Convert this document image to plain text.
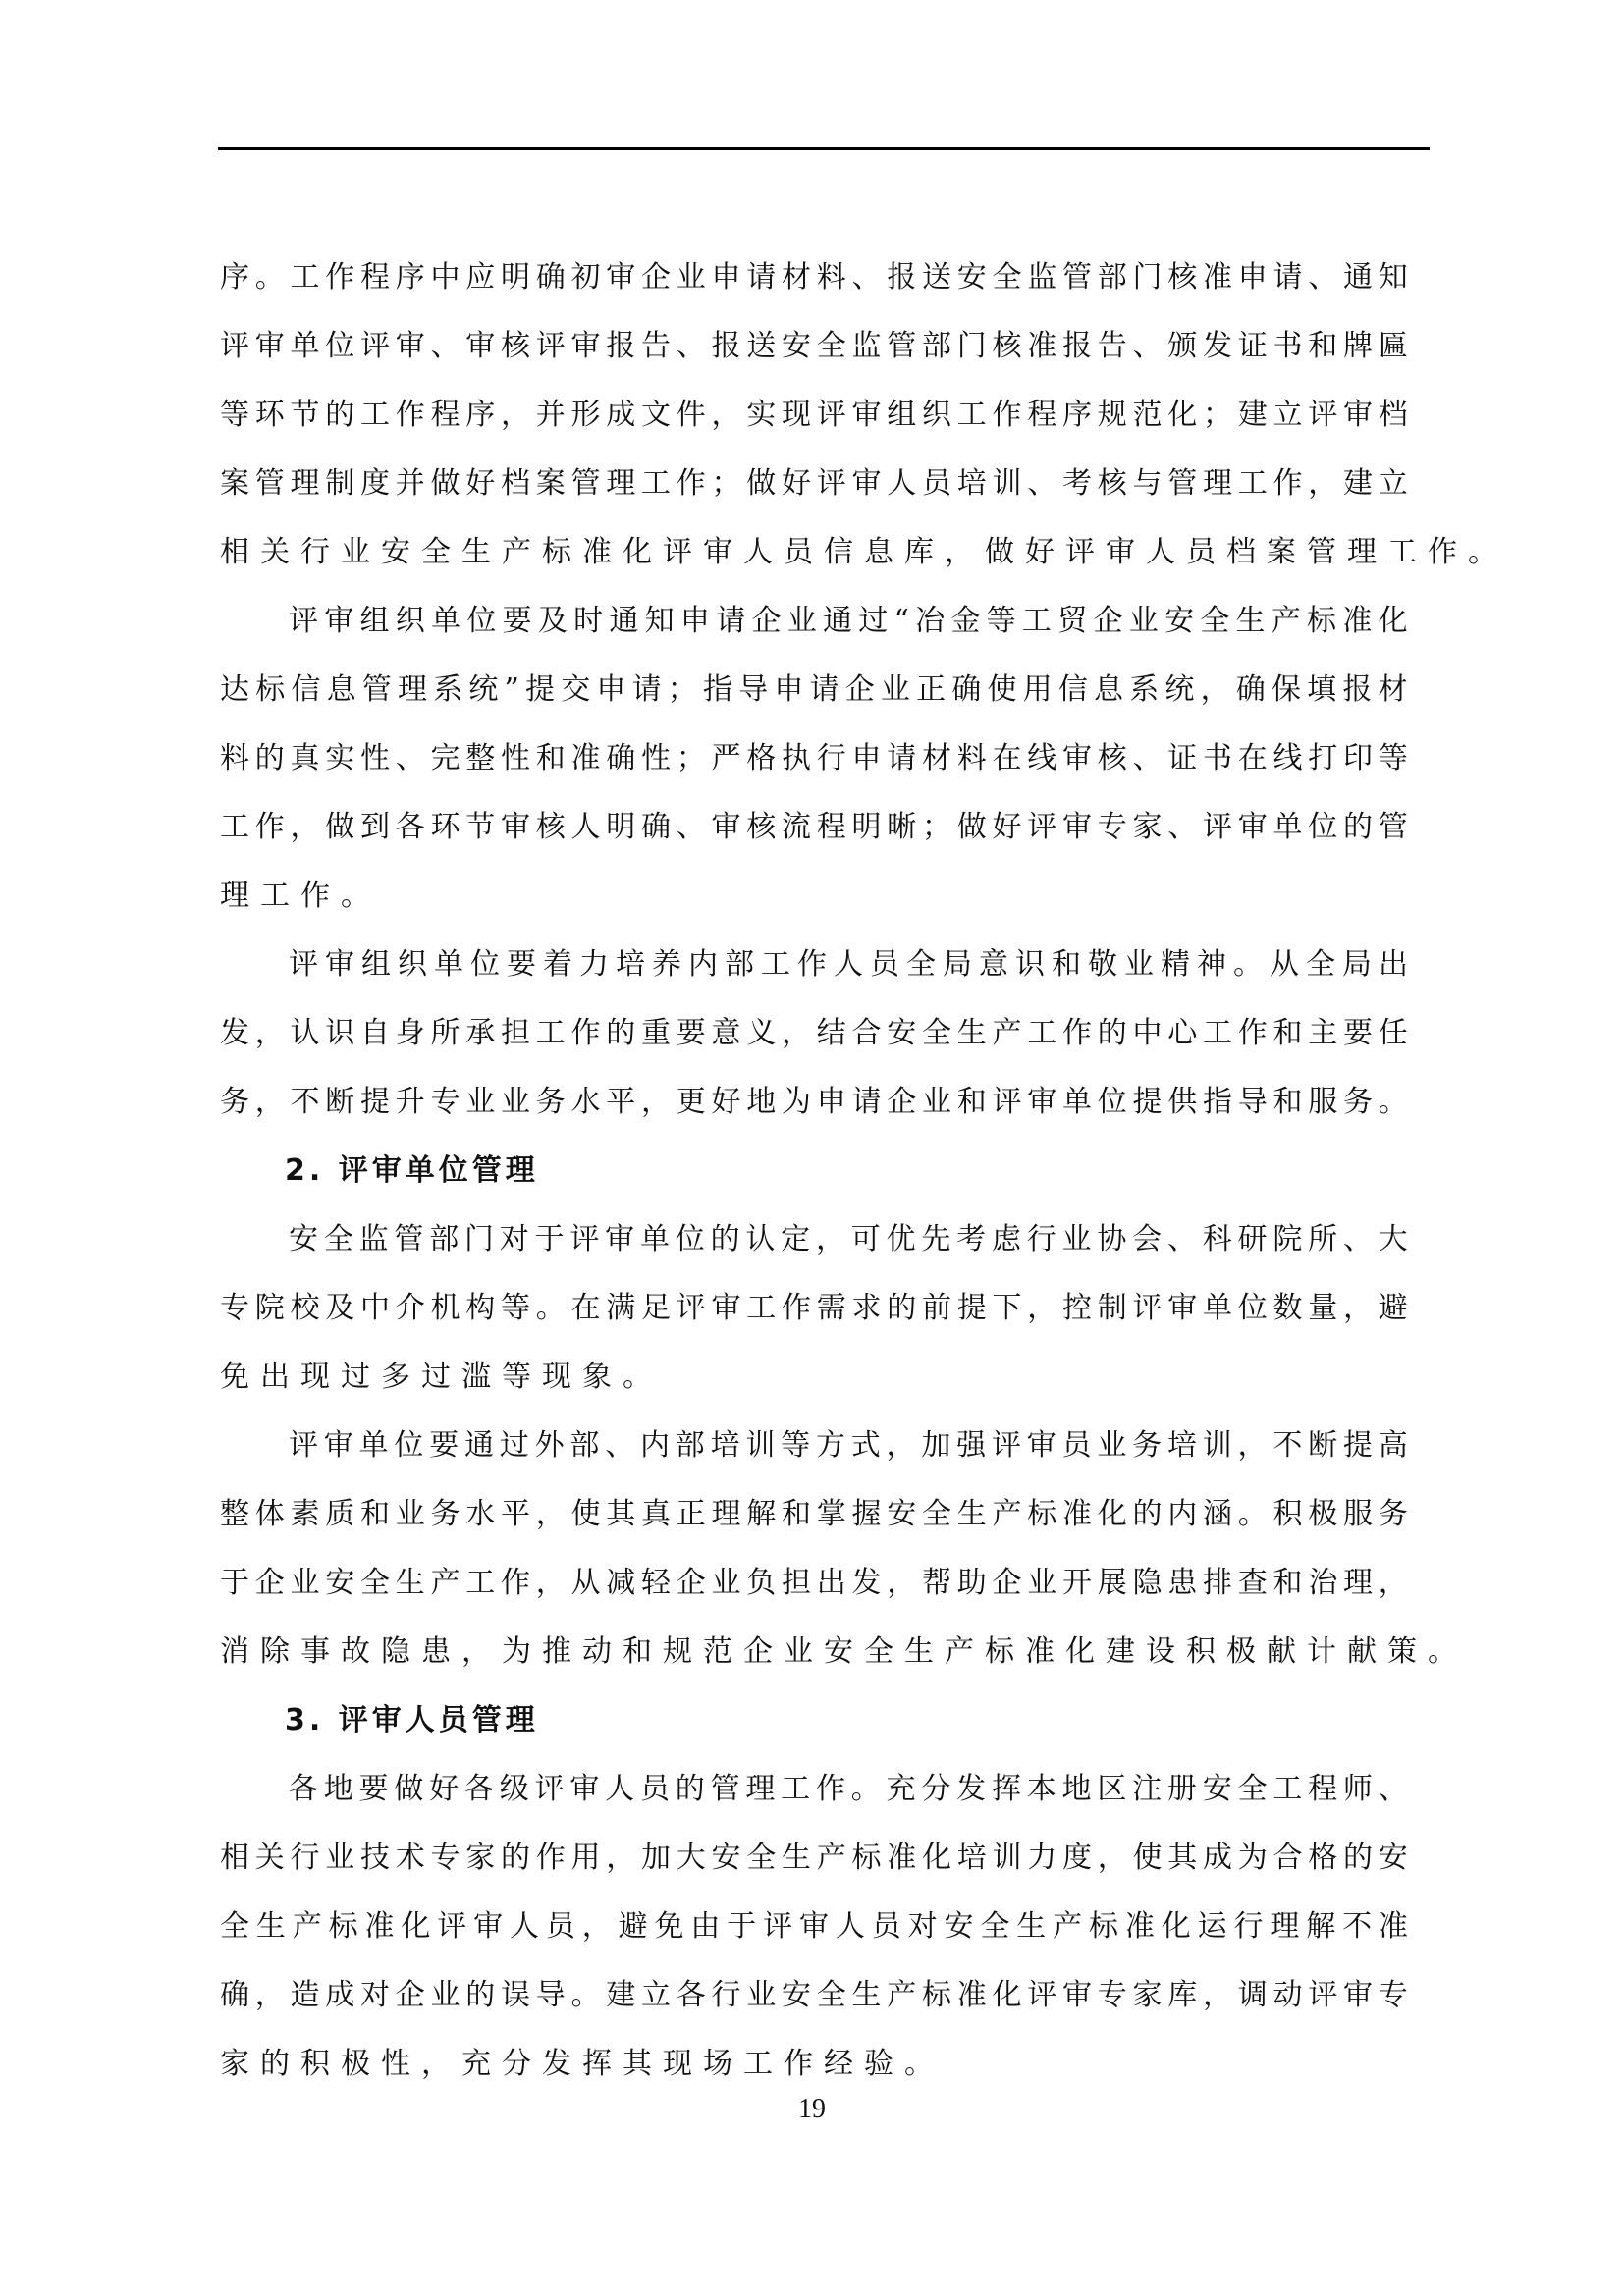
序 。 工 作 程 序 中 应 明 确 初 审 企 业 申 请 材 料 、 报 送 安 全 监 管 部 门 核 准 申 请 、 通 知
评 审 单 位 评 审 、 审 核 评 审 报 告 、 报 送 安 全 监 管 部 门 核 准 报 告 、 颁 发 证 书 和 牌 匾
等 环 节 的 工 作 程 序 ， 并 形 成 文 件 ， 实 现 评 审 组 织 工 作 程 序 规 范 化 ； 建 立 评 审 档
案 管 理 制 度 并 做 好 档 案 管 理 工 作 ； 做 好 评 审 人 员 培 训 、 考 核 与 管 理 工 作 ， 建 立
相关行业安全生产标准化评审人员信息库，做好评审人员档案管理工作。
评 审 组 织 单 位 要 及 时 通 知 申 请 企 业 通 过 “ 冶 金 等 工 贸 企 业 安 全 生 产 标 准 化
达 标 信 息 管 理 系 统 ” 提 交 申 请 ； 指 导 申 请 企 业 正 确 使 用 信 息 系 统 ， 确 保 填 报 材
料 的 真 实 性 、 完 整 性 和 准 确 性 ； 严 格 执 行 申 请 材 料 在 线 审 核 、 证 书 在 线 打 印 等
工 作 ， 做 到 各 环 节 审 核 人 明 确 、 审 核 流 程 明 晰 ； 做 好 评 审 专 家 、 评 审 单 位 的 管
理工作。
评 审 组 织 单 位 要 着 力 培 养 内 部 工 作 人 员 全 局 意 识 和 敬 业 精 神 。 从 全 局 出
发 ， 认 识 自 身 所 承 担 工 作 的 重 要 意 义 ， 结 合 安 全 生 产 工 作 的 中 心 工 作 和 主 要 任
务 ， 不 断 提 升 专 业 业 务 水 平 ， 更 好 地 为 申 请 企 业 和 评 审 单 位 提 供 指 导 和 服 务 。
2. 评审单位管理
安 全 监 管 部 门 对 于 评 审 单 位 的 认 定 ， 可 优 先 考 虑 行 业 协 会 、 科 研 院 所 、 大
专 院 校 及 中 介 机 构 等 。 在 满 足 评 审 工 作 需 求 的 前 提 下 ， 控 制 评 审 单 位 数 量 ， 避
免出现过多过滥等现象。
评 审 单 位 要 通 过 外 部 、 内 部 培 训 等 方 式 ， 加 强 评 审 员 业 务 培 训 ， 不 断 提 高
整 体 素 质 和 业 务 水 平 ， 使 其 真 正 理 解 和 掌 握 安 全 生 产 标 准 化 的 内 涵 。 积 极 服 务
于 企 业 安 全 生 产 工 作 ， 从 减 轻 企 业 负 担 出 发 ， 帮 助 企 业 开 展 隐 患 排 查 和 治 理 ，
消除事故隐患，为推动和规范企业安全生产标准化建设积极献计献策。
3. 评审人员管理
各 地 要 做 好 各 级 评 审 人 员 的 管 理 工 作 。 充 分 发 挥 本 地 区 注 册 安 全 工 程 师 、
相 关 行 业 技 术 专 家 的 作 用 ， 加 大 安 全 生 产 标 准 化 培 训 力 度 ， 使 其 成 为 合 格 的 安
全 生 产 标 准 化 评 审 人 员 ， 避 免 由 于 评 审 人 员 对 安 全 生 产 标 准 化 运 行 理 解 不 准
确 ， 造 成 对 企 业 的 误 导 。 建 立 各 行 业 安 全 生 产 标 准 化 评 审 专 家 库 ， 调 动 评 审 专
家的积极性，充分发挥其现场工作经验。
19
